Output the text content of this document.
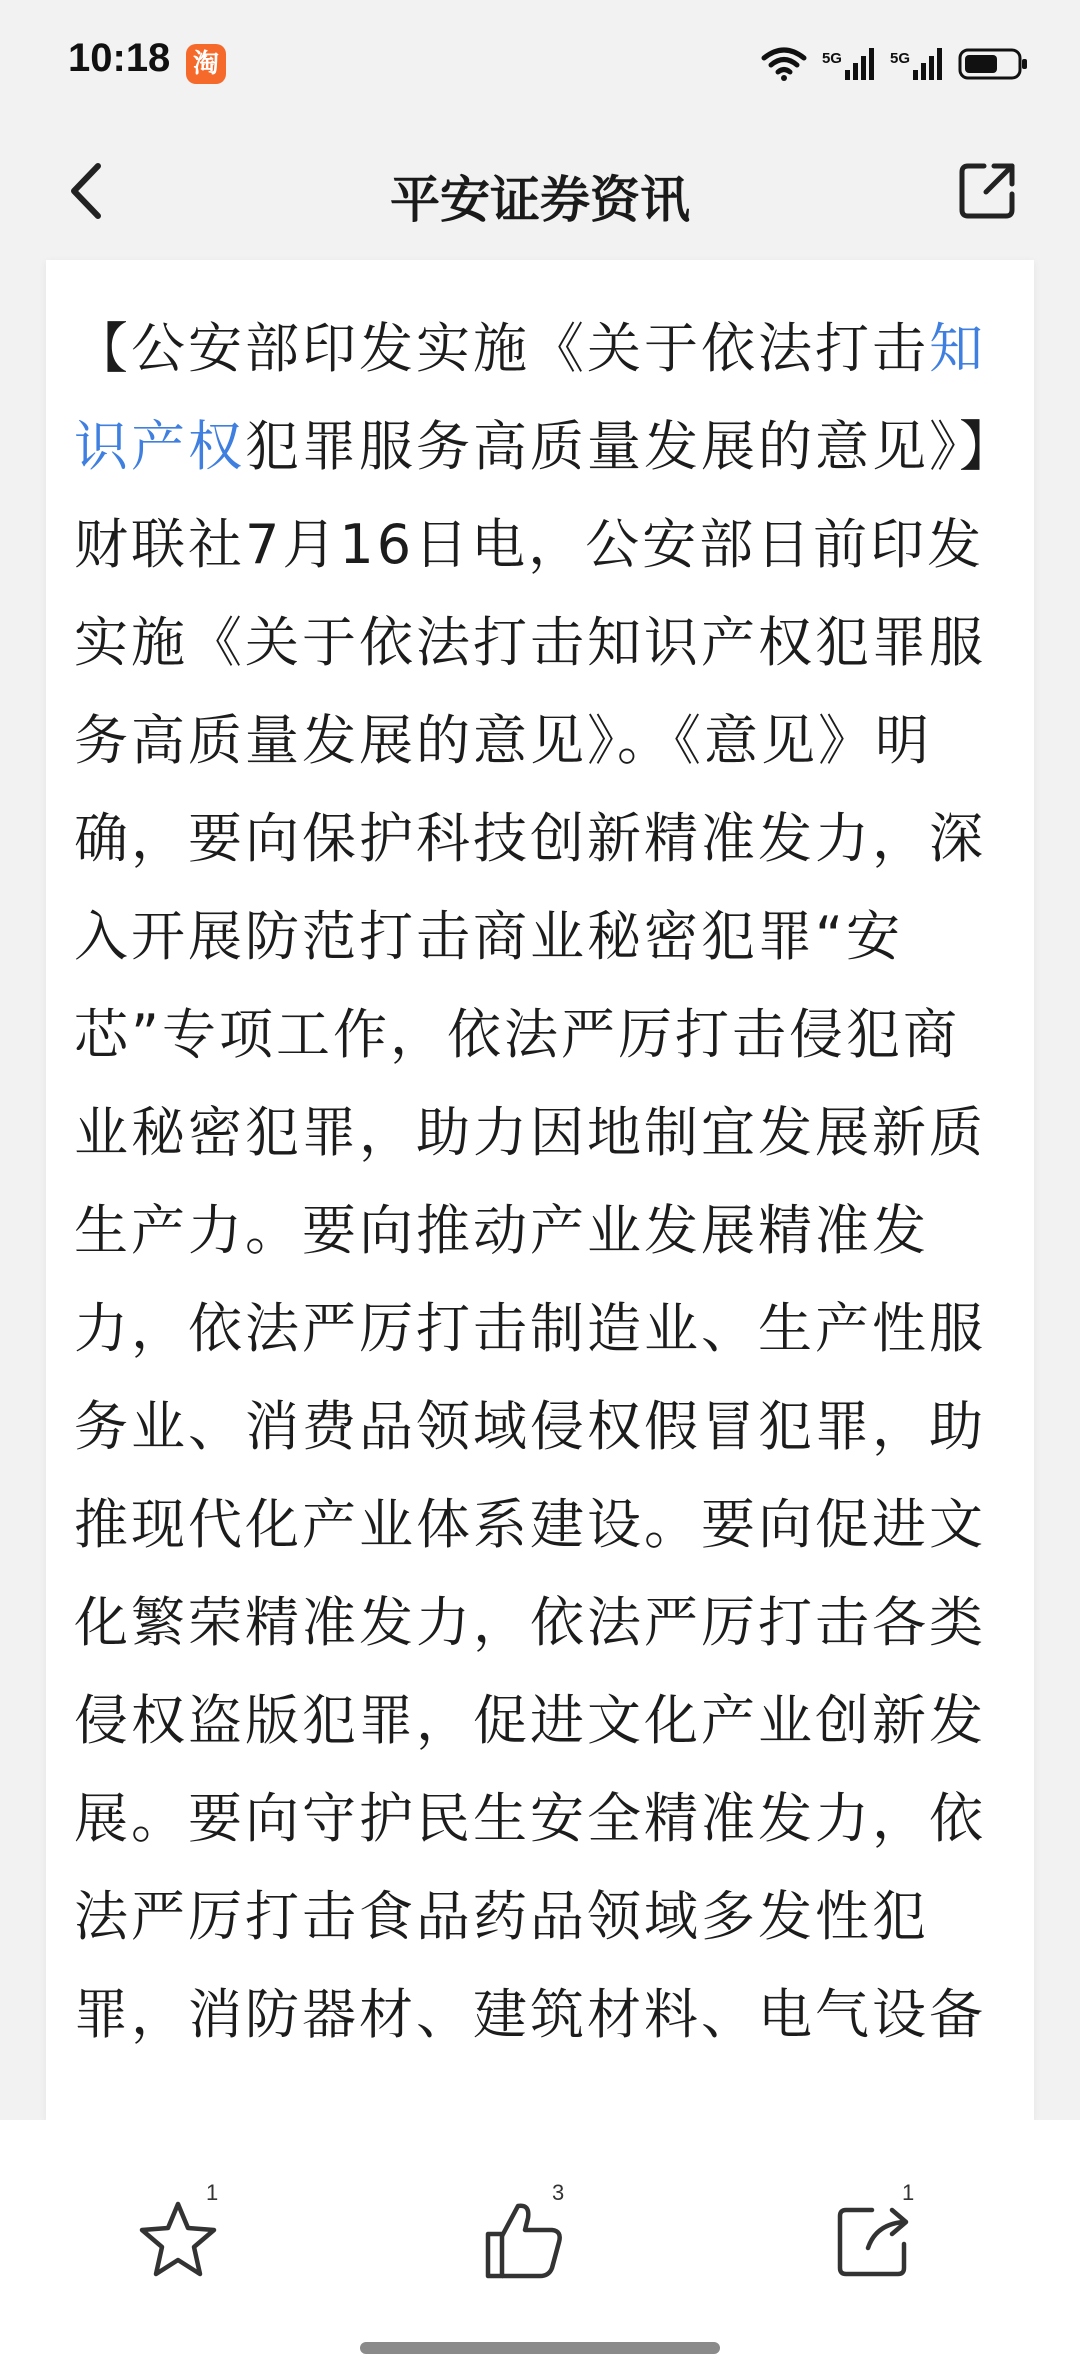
10:18 淘	5G	5G
平安证券资讯
【公安部印发实施《关于依法打击知识产权犯罪服务高质量发展的意见》】财联社7月16日电，公安部日前印发实施《关于依法打击知识产权犯罪服务高质量发展的意见》。《意见》明确，要向保护科技创新精准发力，深入开展防范打击商业秘密犯罪“安芯”专项工作，依法严厉打击侵犯商业秘密犯罪，助力因地制宜发展新质生产力。要向推动产业发展精准发力，依法严厉打击制造业、生产性服务业、消费品领域侵权假冒犯罪，助推现代化产业体系建设。要向促进文化繁荣精准发力，依法严厉打击各类侵权盗版犯罪，促进文化产业创新发展。要向守护民生安全精准发力，依法严厉打击食品药品领域多发性犯罪，消防器材、建筑材料、电气设备
1	3	1
